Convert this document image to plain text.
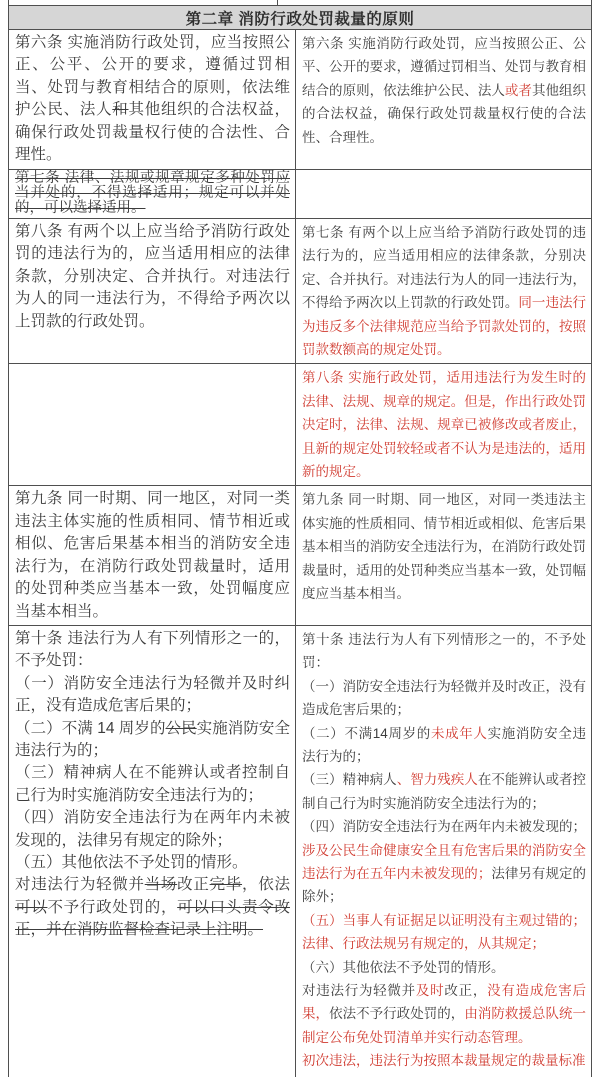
第二章 消防行政处罚裁量的原则

第六条 实施消防行政处罚，应当按照公正、公平、公开的要求，遵循过罚相当、处罚与教育相结合的原则，依法维护公民、法人和其他组织的合法权益，确保行政处罚裁量权行使的合法性、合理性。

第六条 实施消防行政处罚，应当按照公正、公平、公开的要求，遵循过罚相当、处罚与教育相结合的原则，依法维护公民、法人或者其他组织的合法权益，确保行政处罚裁量权行使的合法性、合理性。

第七条 法律、法规或规章规定多种处罚应当并处的，不得选择适用；规定可以并处的，可以选择适用。

第八条 有两个以上应当给予消防行政处罚的违法行为的，应当适用相应的法律条款，分别决定、合并执行。对违法行为人的同一违法行为，不得给予两次以上罚款的行政处罚。

第七条 有两个以上应当给予消防行政处罚的违法行为的，应当适用相应的法律条款，分别决定、合并执行。对违法行为人的同一违法行为，不得给予两次以上罚款的行政处罚。同一违法行为违反多个法律规范应当给予罚款处罚的，按照罚款数额高的规定处罚。

第八条 实施行政处罚，适用违法行为发生时的法律、法规、规章的规定。但是，作出行政处罚决定时，法律、法规、规章已被修改或者废止，且新的规定处罚较轻或者不认为是违法的，适用新的规定。

第九条 同一时期、同一地区，对同一类违法主体实施的性质相同、情节相近或相似、危害后果基本相当的消防安全违法行为，在消防行政处罚裁量时，适用的处罚种类应当基本一致，处罚幅度应当基本相当。

第九条 同一时期、同一地区，对同一类违法主体实施的性质相同、情节相近或相似、危害后果基本相当的消防安全违法行为，在消防行政处罚裁量时，适用的处罚种类应当基本一致，处罚幅度应当基本相当。

第十条 违法行为人有下列情形之一的，不予处罚：

（一）消防安全违法行为轻微并及时纠正，没有造成危害后果的；

（二）不满 14 周岁的公民实施消防安全违法行为的；

（三）精神病人在不能辨认或者控制自己行为时实施消防安全违法行为的；

（四）消防安全违法行为在两年内未被发现的，法律另有规定的除外；

（五）其他依法不予处罚的情形。

对违法行为轻微并当场改正完毕，依法可以不予行政处罚的，可以口头责令改正，并在消防监督检查记录上注明。

第十条 违法行为人有下列情形之一的，不予处罚：

（一）消防安全违法行为轻微并及时改正，没有造成危害后果的；

（二）不满14周岁的未成年人实施消防安全违法行为的；

（三）精神病人、智力残疾人在不能辨认或者控制自己行为时实施消防安全违法行为的；

（四）消防安全违法行为在两年内未被发现的；涉及公民生命健康安全且有危害后果的消防安全违法行为在五年内未被发现的；法律另有规定的除外；

（五）当事人有证据足以证明没有主观过错的；法律、行政法规另有规定的，从其规定；

（六）其他依法不予处罚的情形。

对违法行为轻微并及时改正，没有造成危害后果，依法不予行政处罚的，由消防救援总队统一制定公布免处罚清单并实行动态管理。

初次违法，违法行为按照本裁量规定的裁量标准
